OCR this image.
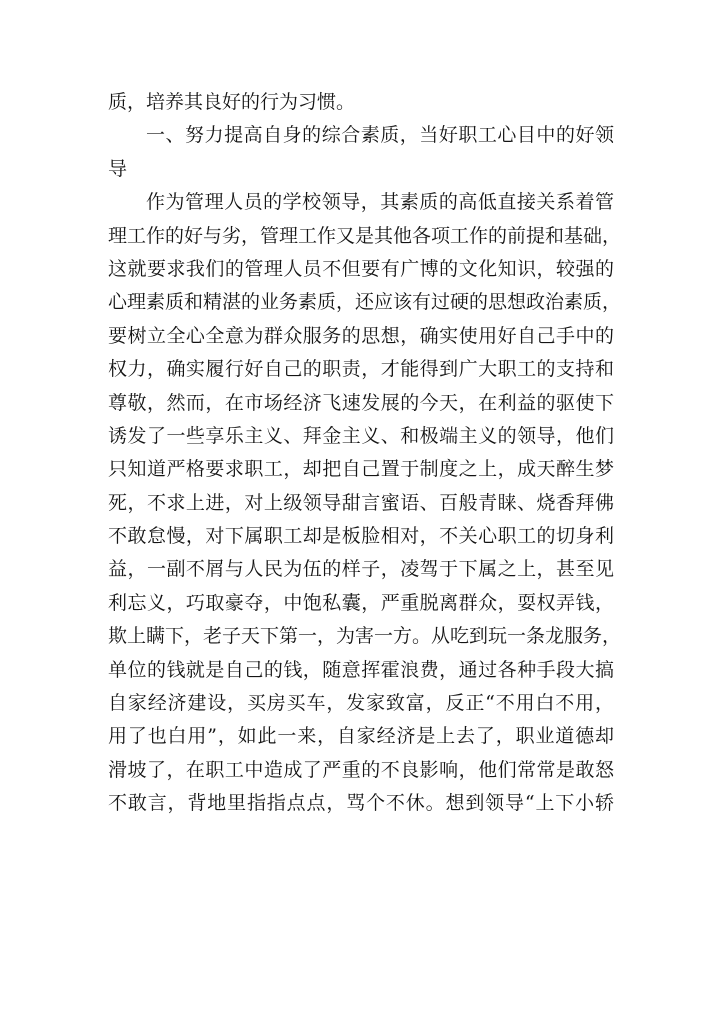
质，培养其良好的行为习惯。
一、努力提高自身的综合素质，当好职工心目中的好领
导
作为管理人员的学校领导，其素质的高低直接关系着管
理工作的好与劣，管理工作又是其他各项工作的前提和基础，
这就要求我们的管理人员不但要有广博的文化知识，较强的
心理素质和精湛的业务素质，还应该有过硬的思想政治素质，
要树立全心全意为群众服务的思想，确实使用好自己手中的
权力，确实履行好自己的职责，才能得到广大职工的支持和
尊敬，然而，在市场经济飞速发展的今天，在利益的驱使下
诱发了一些享乐主义、拜金主义、和极端主义的领导，他们
只知道严格要求职工，却把自己置于制度之上，成天醉生梦
死，不求上进，对上级领导甜言蜜语、百般青睐、烧香拜佛
不敢怠慢，对下属职工却是板脸相对，不关心职工的切身利
益，一副不屑与人民为伍的样子，凌驾于下属之上，甚至见
利忘义，巧取豪夺，中饱私囊，严重脱离群众，耍权弄钱，
欺上瞒下，老子天下第一，为害一方。从吃到玩一条龙服务，
单位的钱就是自己的钱，随意挥霍浪费，通过各种手段大搞
自家经济建设，买房买车，发家致富，反正“不用白不用，
用了也白用”，如此一来，自家经济是上去了，职业道德却
滑坡了，在职工中造成了严重的不良影响，他们常常是敢怒
不敢言，背地里指指点点，骂个不休。想到领导“上下小轿
